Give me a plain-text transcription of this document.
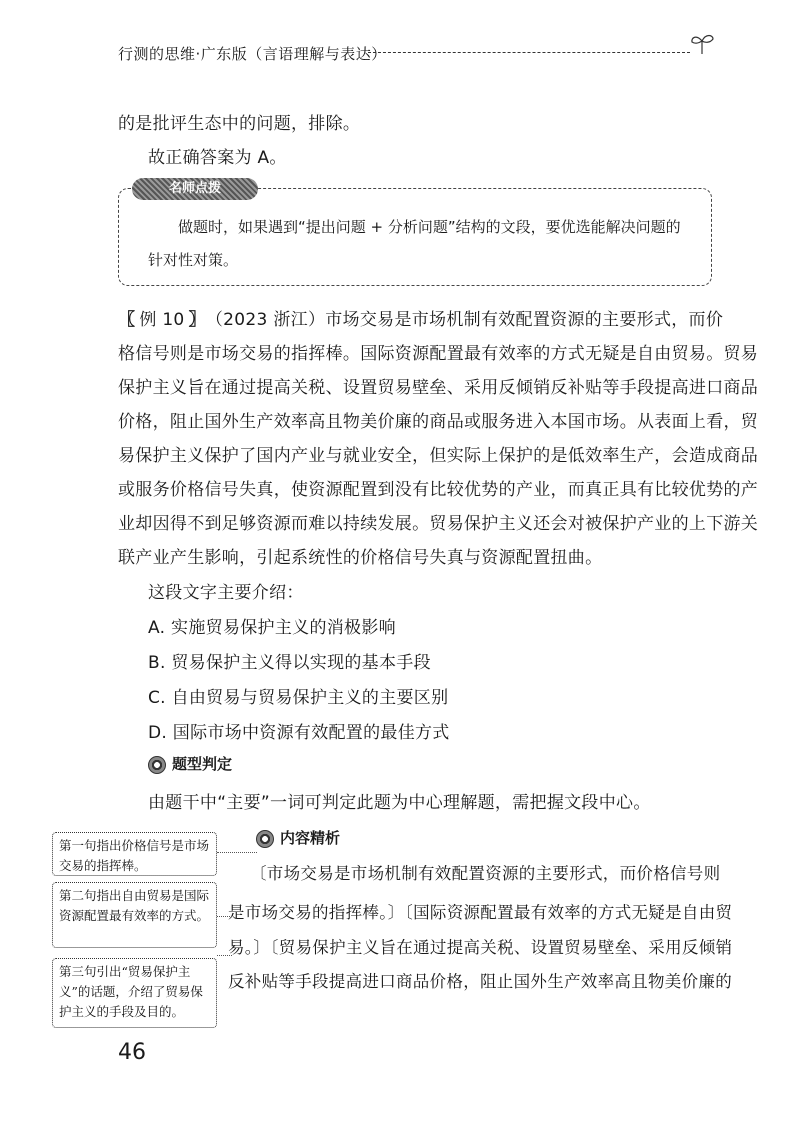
行测的思维·广东版（言语理解与表达）
的是批评生态中的问题，排除。
故正确答案为 A。
名师点拨
做题时，如果遇到“提出问题 + 分析问题”结构的文段，要优选能解决问题的
针对性对策。
〖 例 10 〗（2023 浙江）市场交易是市场机制有效配置资源的主要形式，而价
格信号则是市场交易的指挥棒。国际资源配置最有效率的方式无疑是自由贸易。贸易
保护主义旨在通过提高关税、设置贸易壁垒、采用反倾销反补贴等手段提高进口商品
价格，阻止国外生产效率高且物美价廉的商品或服务进入本国市场。从表面上看，贸
易保护主义保护了国内产业与就业安全，但实际上保护的是低效率生产，会造成商品
或服务价格信号失真，使资源配置到没有比较优势的产业，而真正具有比较优势的产
业却因得不到足够资源而难以持续发展。贸易保护主义还会对被保护产业的上下游关
联产业产生影响，引起系统性的价格信号失真与资源配置扭曲。
这段文字主要介绍：
A. 实施贸易保护主义的消极影响
B. 贸易保护主义得以实现的基本手段
C. 自由贸易与贸易保护主义的主要区别
D. 国际市场中资源有效配置的最佳方式
题型判定
由题干中“主要”一词可判定此题为中心理解题，需把握文段中心。
内容精析
〔市场交易是市场机制有效配置资源的主要形式，而价格信号则
是市场交易的指挥棒。〕〔国际资源配置最有效率的方式无疑是自由贸
易。〕〔贸易保护主义旨在通过提高关税、设置贸易壁垒、采用反倾销
反补贴等手段提高进口商品价格，阻止国外生产效率高且物美价廉的
第一句指出价格信号是市场交易的指挥棒。
第二句指出自由贸易是国际资源配置最有效率的方式。
第三句引出“贸易保护主义”的话题，介绍了贸易保护主义的手段及目的。
46
